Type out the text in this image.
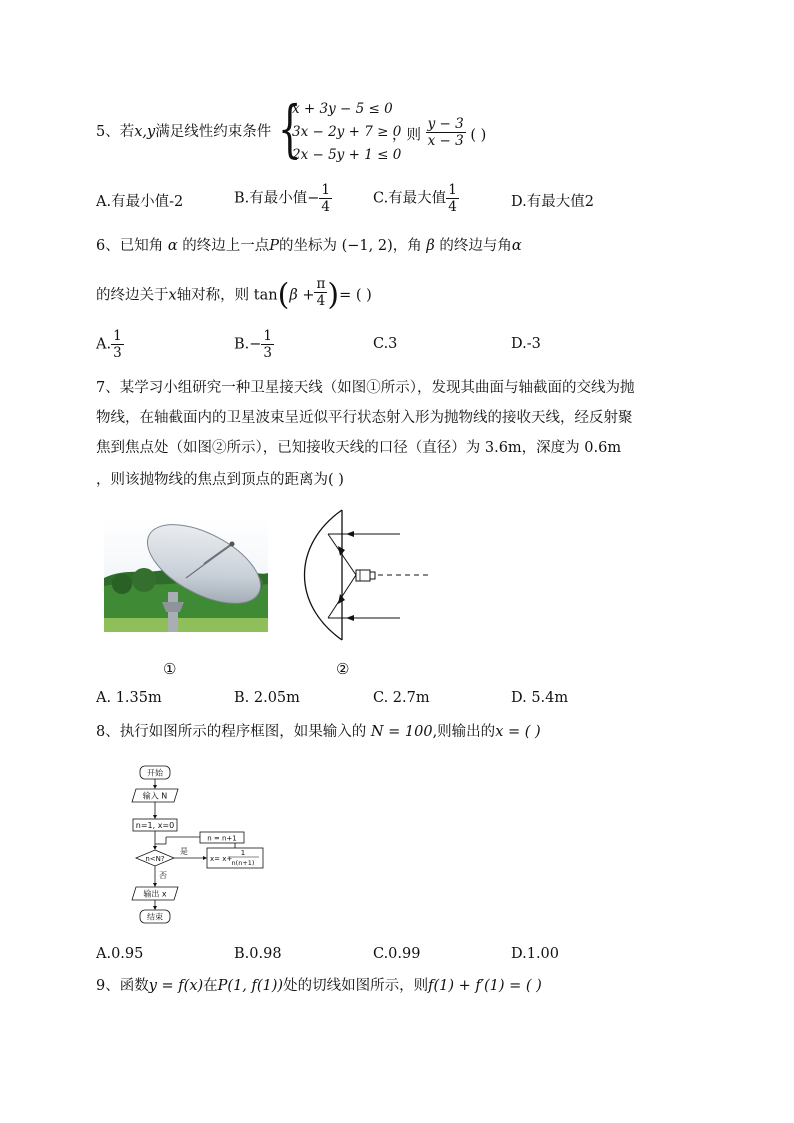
5、若x,y满足线性约束条件 {
x + 3y − 5 ≤ 0
3x − 2y + 7 ≥ 0
2x − 5y + 1 ≤ 0
，则 $\frac{y - 3}{x - 3}$ ( )
A.有最小值-2	B.有最小值− $\frac{1}{4}$	C.有最大值 $\frac{1}{4}$	D.有最大值2
6、已知角 α 的终边上一点P的坐标为 (−1, 2)，角 β 的终边与角α
的终边关于x轴对称，则 $\tan(\beta + \frac{\pi}{4}$ )= ( )
A. $\frac{1}{3}$	$B.- \frac{1}{3}$	C.3	D.-3
7、某学习小组研究一种卫星接天线（如图①所示），发现其曲面与轴截面的交线为抛
物线，在轴截面内的卫星波束呈近似平行状态射入形为抛物线的接收天线，经反射聚
焦到焦点处（如图②所示），已知接收天线的口径（直径）为 3.6m，深度为 0.6m
，则该抛物线的焦点到顶点的距离为( )
①	②
A. 1.35m	B. 2.05m	C. 2.7m	D. 5.4m
8、执行如图所示的程序框图，如果输入的 N = 100,则输出的x = ( )
开始
输入 N
n=1, x=0
n<N?
是
x= x+
1
n(n+1)
n = n+1
否
输出 x
结束
A.0.95	B.0.98	C.0.99	D.1.00
9、函数y = f(x)在P(1, f(1))处的切线如图所示，则f(1) + f′(1) = ( )
